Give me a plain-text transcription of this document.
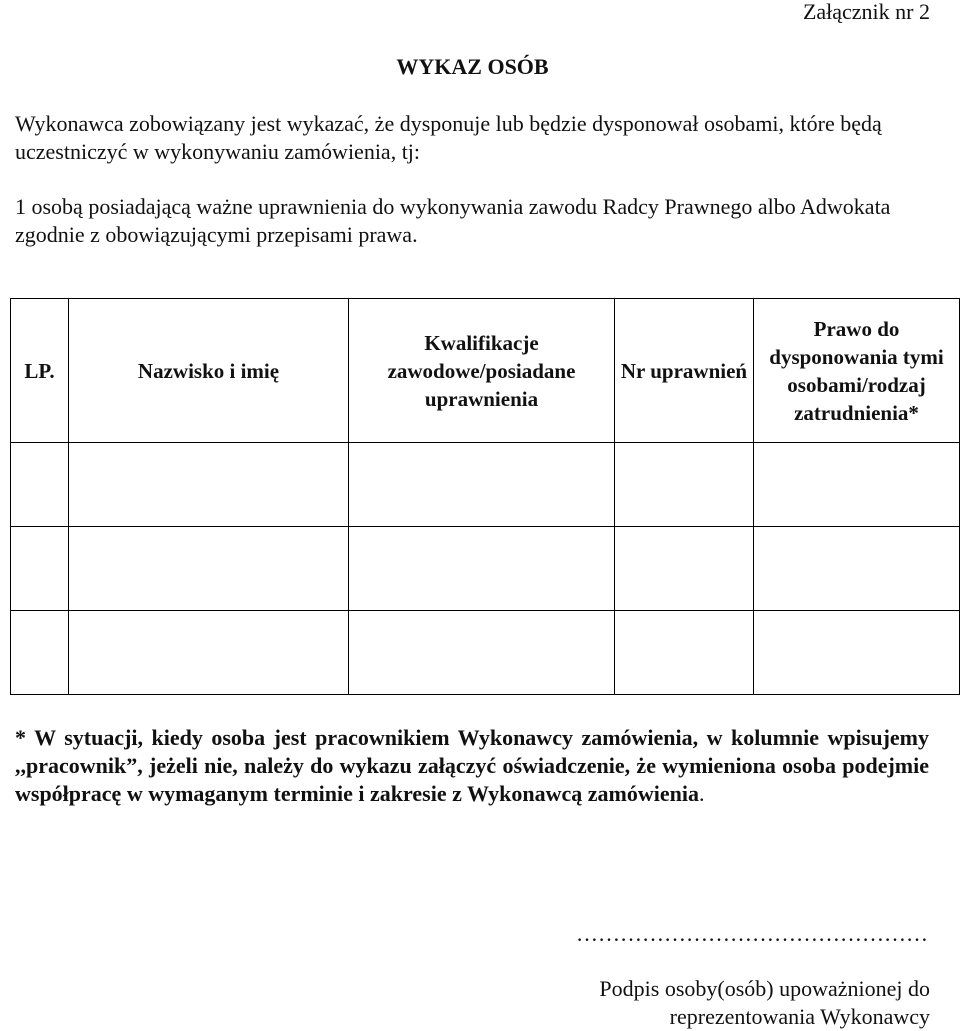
Załącznik nr 2
WYKAZ OSÓB
Wykonawca zobowiązany jest wykazać, że dysponuje lub będzie dysponował osobami, które będą uczestniczyć w wykonywaniu zamówienia, tj:
1 osobą posiadającą ważne uprawnienia do wykonywania zawodu Radcy Prawnego albo Adwokata zgodnie z obowiązującymi przepisami prawa.
LP.	Nazwisko i imię	Kwalifikacje zawodowe/posiadane uprawnienia	Nr uprawnień	Prawo do dysponowania tymi osobami/rodzaj zatrudnienia*

* W sytuacji, kiedy osoba jest pracownikiem Wykonawcy zamówienia, w kolumnie wpisujemy ,,pracownik”, jeżeli nie, należy do wykazu załączyć oświadczenie, że wymieniona osoba podejmie współpracę w wymaganym terminie i zakresie z Wykonawcą zamówienia.
…………………………………………
Podpis osoby(osób) upoważnionej do reprezentowania Wykonawcy
